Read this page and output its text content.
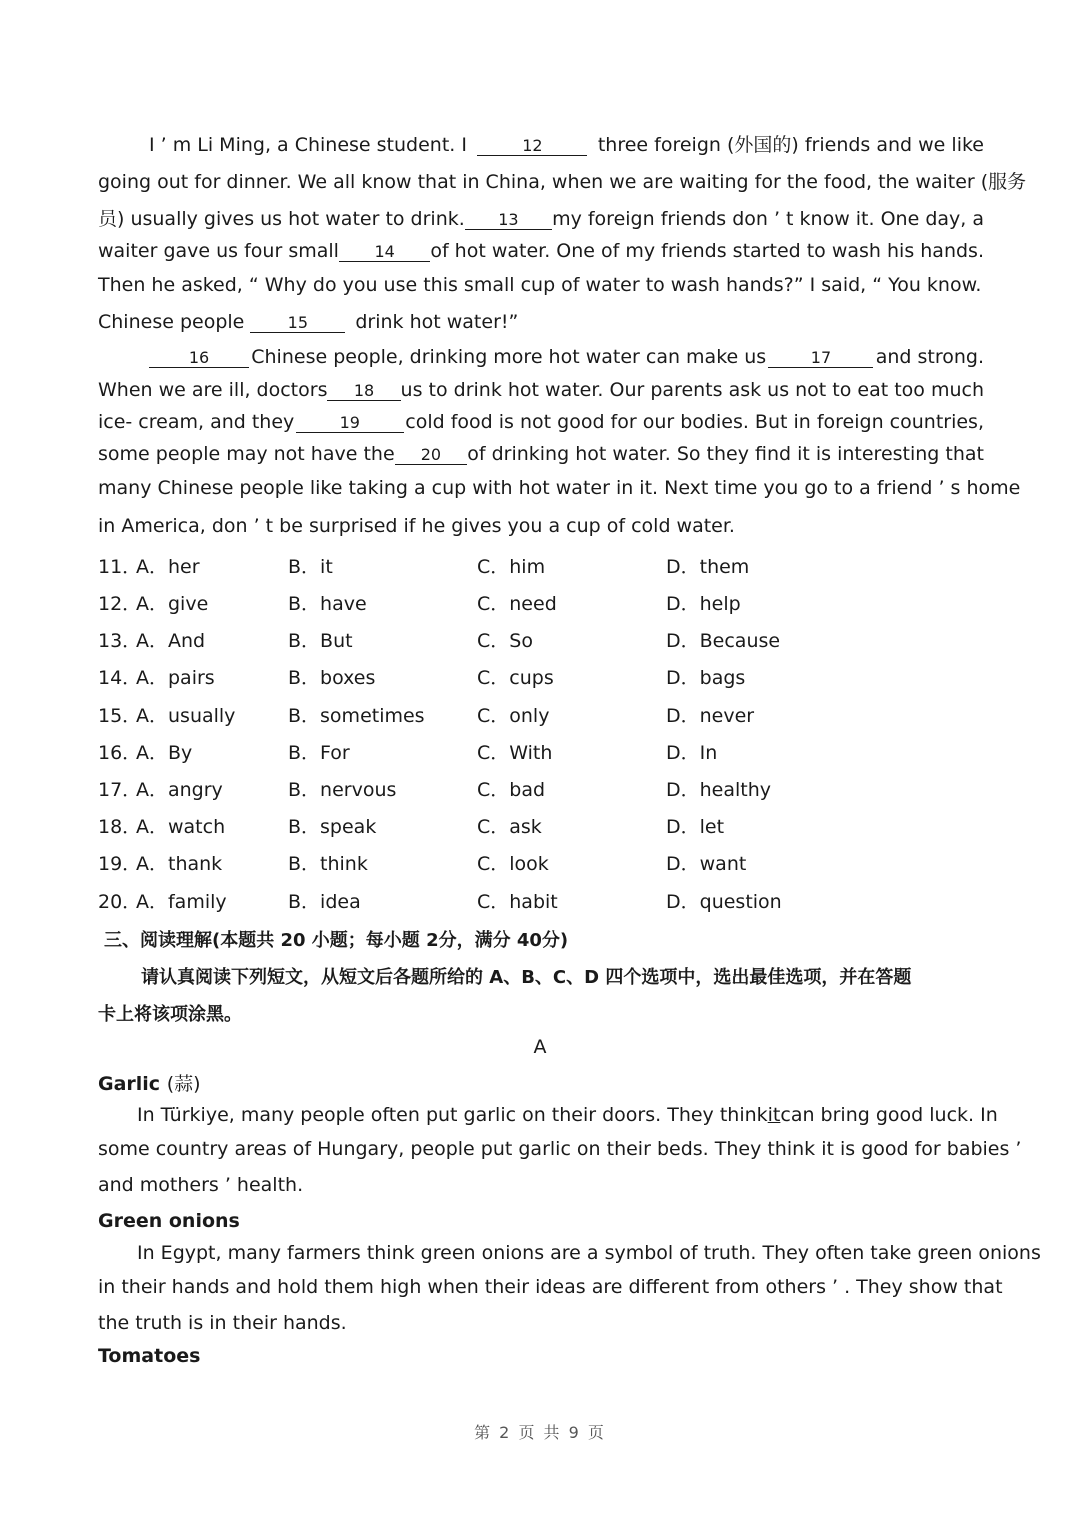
I ’ m Li Ming, a Chinese student. I	12	three foreign (外国的) friends and we like
going out for dinner. We all know that in China, when we are waiting for the food, the waiter (服务
员) usually gives us hot water to drink.	13	my foreign friends don ’ t know it. One day, a
waiter gave us four small	14	of hot water. One of my friends started to wash his hands.
Then he asked, “ Why do you use this small cup of water to wash hands?” I said, “ You know.
Chinese people	15	drink hot water!”
16	Chinese people, drinking more hot water can make us	17	and strong.
When we are ill, doctors	18	us to drink hot water. Our parents ask us not to eat too much
ice- cream, and they	19	cold food is not good for our bodies. But in foreign countries,
some people may not have the	20	of drinking hot water. So they find it is interesting that
many Chinese people like taking a cup with hot water in it. Next time you go to a friend ’ s home
in America, don ’ t be surprised if he gives you a cup of cold water.
11．
A．her	B．it	C．him	D．them
12．
A．give	B．have	C．need	D．help
13．
A．And	B．But	C．So	D．Because
14．
A．pairs	B．boxes	C．cups	D．bags
15．
A．usually	B．sometimes	C．only	D．never
16．
A．By	B．For	C．With	D．In
17．
A．angry	B．nervous	C．bad	D．healthy
18．
A．watch	B．speak	C．ask	D．let
19．
A．thank	B．think	C．look	D．want
20．
A．family	B．idea	C．habit	D．question
三、阅读理解(本题共 20 小题；每小题 2分，满分 40分)
请认真阅读下列短文，从短文后各题所给的 A、B、C、D 四个选项中，选出最佳选项，并在答题
卡上将该项涂黑。
A
Garlic (蒜)
In Türkiye, many people often put garlic on their doors. They think it can bring good luck. In
some country areas of Hungary, people put garlic on their beds. They think it is good for babies ’
and mothers ’ health.
Green onions
In Egypt, many farmers think green onions are a symbol of truth. They often take green onions
in their hands and hold them high when their ideas are different from others ’ . They show that
the truth is in their hands.
Tomatoes
第 2 页 共 9 页
